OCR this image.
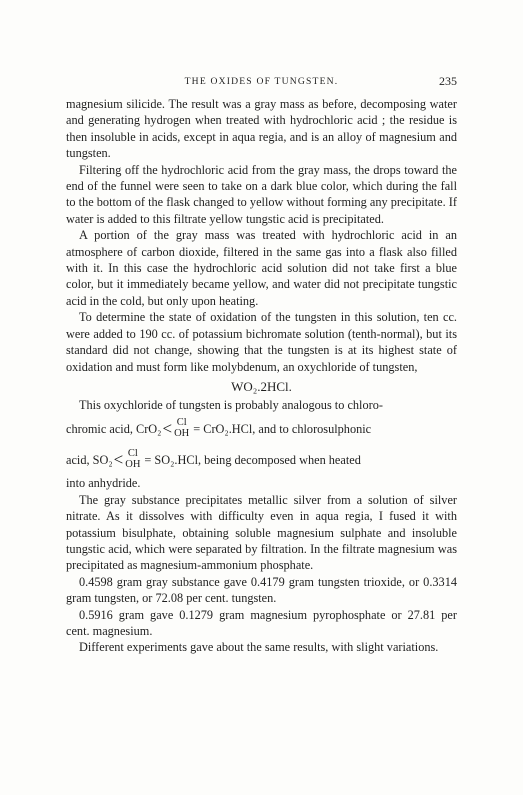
THE OXIDES OF TUNGSTEN.	235

magnesium silicide. The result was a gray mass as before, decomposing water and generating hydrogen when treated with hydrochloric acid ; the residue is then insoluble in acids, except in aqua regia, and is an alloy of magnesium and tungsten.

Filtering off the hydrochloric acid from the gray mass, the drops toward the end of the funnel were seen to take on a dark blue color, which during the fall to the bottom of the flask changed to yellow without forming any precipitate. If water is added to this filtrate yellow tungstic acid is precipitated.

A portion of the gray mass was treated with hydrochloric acid in an atmosphere of carbon dioxide, filtered in the same gas into a flask also filled with it. In this case the hydrochloric acid solution did not take first a blue color, but it immediately became yellow, and water did not precipitate tungstic acid in the cold, but only upon heating.

To determine the state of oxidation of the tungsten in this solution, ten cc. were added to 190 cc. of potassium bichromate solution (tenth-normal), but its standard did not change, showing that the tungsten is at its highest state of oxidation and must form like molybdenum, an oxychloride of tungsten,

WO₂.2HCl.

This oxychloride of tungsten is probably analogous to chloro-

chromic acid, CrO₂ < Cl
OH = CrO₂.HCl, and to chlorosulphonic
acid, SO₂ < Cl
OH = SO₂.HCl, being decomposed when heated

into anhydride.

The gray substance precipitates metallic silver from a solution of silver nitrate. As it dissolves with difficulty even in aqua regia, I fused it with potassium bisulphate, obtaining soluble magnesium sulphate and insoluble tungstic acid, which were separated by filtration. In the filtrate magnesium was precipitated as magnesium-ammonium phosphate.

0.4598 gram gray substance gave 0.4179 gram tungsten trioxide, or 0.3314 gram tungsten, or 72.08 per cent. tungsten.

0.5916 gram gave 0.1279 gram magnesium pyrophosphate or 27.81 per cent. magnesium.

Different experiments gave about the same results, with slight variations.
